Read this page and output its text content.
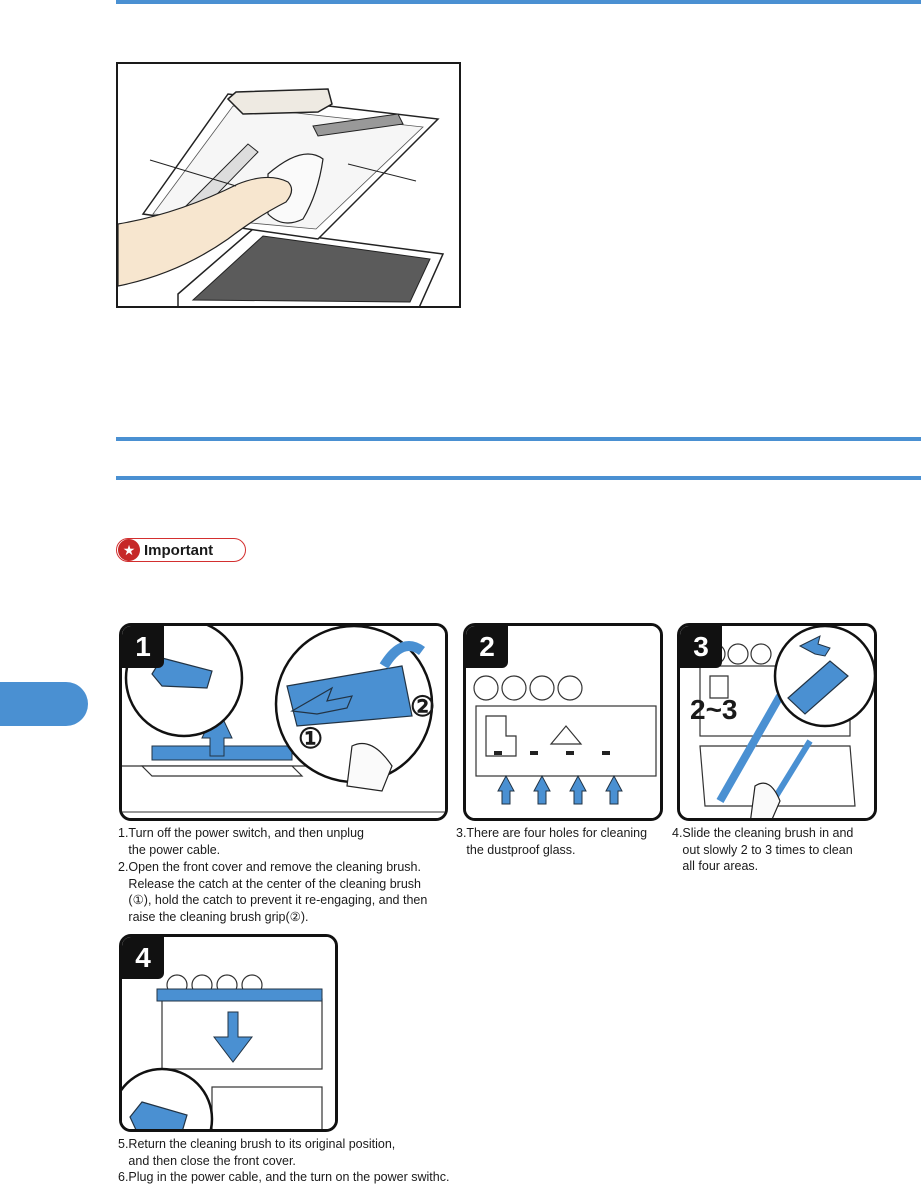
★ Important
1
①
②
2	3
2~3
1.Turn off the power switch, and then unplug
the power cable.
2.Open the front cover and remove the cleaning brush.
Release the catch at the center of the cleaning brush
(①), hold the catch to prevent it re-engaging, and then
raise the cleaning brush grip(②).
3.There are four holes for cleaning
the dustproof glass.
4.Slide the cleaning brush in and
out slowly 2 to 3 times to clean
all four areas.
4
5.Return the cleaning brush to its original position,
and then close the front cover.
6.Plug in the power cable, and the turn on the power swithc.
